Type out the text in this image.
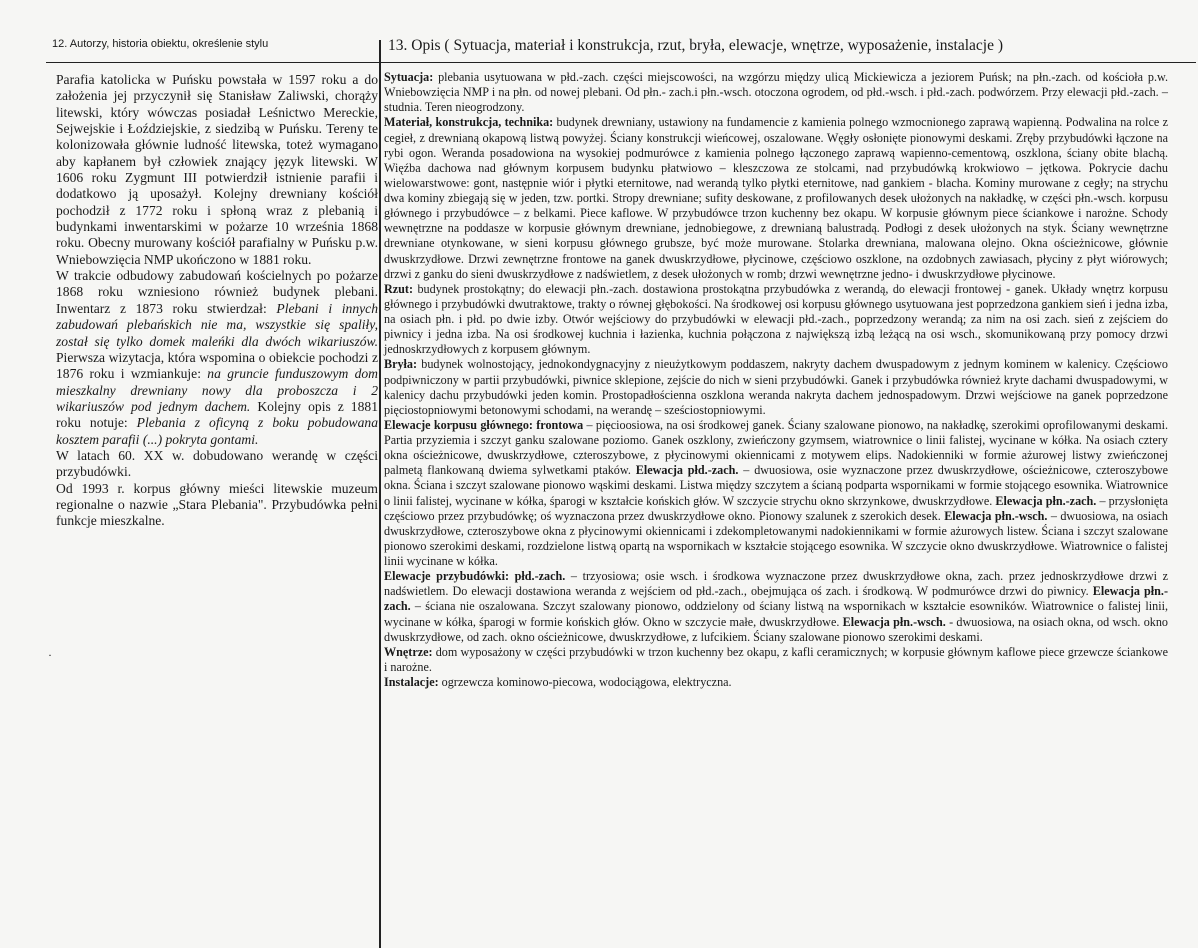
12. Autorzy, historia obiektu, określenie stylu	13. Opis ( Sytuacja, materiał i konstrukcja, rzut, bryła, elewacje, wnętrze, wyposażenie, instalacje )

Parafia katolicka w Puńsku powstała w 1597 roku a do założenia jej przyczynił się Stanisław Zaliwski, chorąży litewski, który wówczas posiadał Leśnictwo Mereckie, Sejwejskie i Łoździejskie, z siedzibą w Puńsku. Tereny te kolonizowała głównie ludność litewska, toteż wymagano aby kapłanem był człowiek znający język litewski. W 1606 roku Zygmunt III potwierdził istnienie parafii i dodatkowo ją uposażył. Kolejny drewniany kościół pochodził z 1772 roku i spłoną wraz z plebanią i budynkami inwentarskimi w pożarze 10 września 1868 roku. Obecny murowany kościół parafialny w Puńsku p.w. Wniebowzięcia NMP ukończono w 1881 roku.

W trakcie odbudowy zabudowań kościelnych po pożarze 1868 roku wzniesiono również budynek plebani. Inwentarz z 1873 roku stwierdzał: Plebani i innych zabudowań plebańskich nie ma, wszystkie się spaliły, został się tylko domek maleńki dla dwóch wikariuszów. Pierwsza wizytacja, która wspomina o obiekcie pochodzi z 1876 roku i wzmiankuje: na gruncie funduszowym dom mieszkalny drewniany nowy dla proboszcza i 2 wikariuszów pod jednym dachem. Kolejny opis z 1881 roku notuje: Plebania z oficyną z boku pobudowana kosztem parafii (...) pokryta gontami.

W latach 60. XX w. dobudowano werandę w części przybudówki.

Od 1993 r. korpus główny mieści litewskie muzeum regionalne o nazwie „Stara Plebania". Przybudówka pełni funkcje mieszkalne.

·

Sytuacja: plebania usytuowana w płd.-zach. części miejscowości, na wzgórzu między ulicą Mickiewicza a jeziorem Puńsk; na płn.-zach. od kościoła p.w. Wniebowzięcia NMP i na płn. od nowej plebani. Od płn.- zach.i płn.-wsch. otoczona ogrodem, od płd.-wsch. i płd.-zach. podwórzem. Przy elewacji płd.-zach. – studnia. Teren nieogrodzony.

Materiał, konstrukcja, technika: budynek drewniany, ustawiony na fundamencie z kamienia polnego wzmocnionego zaprawą wapienną. Podwalina na rolce z cegieł, z drewnianą okapową listwą powyżej. Ściany konstrukcji wieńcowej, oszalowane. Węgły osłonięte pionowymi deskami. Zręby przybudówki łączone na rybi ogon. Weranda posadowiona na wysokiej podmurówce z kamienia polnego łączonego zaprawą wapienno-cementową, oszklona, ściany obite blachą. Więźba dachowa nad głównym korpusem budynku płatwiowo – kleszczowa ze stolcami, nad przybudówką krokwiowo – jętkowa. Pokrycie dachu wielowarstwowe: gont, następnie wiór i płytki eternitowe, nad werandą tylko płytki eternitowe, nad gankiem - blacha. Kominy murowane z cegły; na strychu dwa kominy zbiegają się w jeden, tzw. portki. Stropy drewniane; sufity deskowane, z profilowanych desek ułożonych na nakładkę, w części płn.-wsch. korpusu głównego i przybudówce – z belkami. Piece kaflowe. W przybudówce trzon kuchenny bez okapu. W korpusie głównym piece ściankowe i narożne. Schody wewnętrzne na poddasze w korpusie głównym drewniane, jednobiegowe, z drewnianą balustradą. Podłogi z desek ułożonych na styk. Ściany wewnętrzne drewniane otynkowane, w sieni korpusu głównego grubsze, być może murowane. Stolarka drewniana, malowana olejno. Okna ościeżnicowe, głównie dwuskrzydłowe. Drzwi zewnętrzne frontowe na ganek dwuskrzydłowe, płycinowe, częściowo oszklone, na ozdobnych zawiasach, płyciny z płyt wiórowych; drzwi z ganku do sieni dwuskrzydłowe z nadświetlem, z desek ułożonych w romb; drzwi wewnętrzne jedno- i dwuskrzydłowe płycinowe.

Rzut: budynek prostokątny; do elewacji płn.-zach. dostawiona prostokątna przybudówka z werandą, do elewacji frontowej - ganek. Układy wnętrz korpusu głównego i przybudówki dwutraktowe, trakty o równej głębokości. Na środkowej osi korpusu głównego usytuowana jest poprzedzona gankiem sień i jedna izba, na osiach płn. i płd. po dwie izby. Otwór wejściowy do przybudówki w elewacji płd.-zach., poprzedzony werandą; za nim na osi zach. sień z zejściem do piwnicy i jedna izba. Na osi środkowej kuchnia i łazienka, kuchnia połączona z największą izbą leżącą na osi wsch., skomunikowaną przy pomocy drzwi jednoskrzydłowych z korpusem głównym.

Bryła: budynek wolnostojący, jednokondygnacyjny z nieużytkowym poddaszem, nakryty dachem dwuspadowym z jednym kominem w kalenicy. Częściowo podpiwniczony w partii przybudówki, piwnice sklepione, zejście do nich w sieni przybudówki. Ganek i przybudówka również kryte dachami dwuspadowymi, w kalenicy dachu przybudówki jeden komin. Prostopadłościenna oszklona weranda nakryta dachem jednospadowym. Drzwi wejściowe na ganek poprzedzone pięciostopniowymi betonowymi schodami, na werandę – sześciostopniowymi.

Elewacje korpusu głównego: frontowa – pięcioosiowa, na osi środkowej ganek. Ściany szalowane pionowo, na nakładkę, szerokimi oprofilowanymi deskami. Partia przyziemia i szczyt ganku szalowane poziomo. Ganek oszklony, zwieńczony gzymsem, wiatrownice o linii falistej, wycinane w kółka. Na osiach cztery okna ościeżnicowe, dwuskrzydłowe, czteroszybowe, z płycinowymi okiennicami z motywem elips. Nadokienniki w formie ażurowej listwy zwieńczonej palmetą flankowaną dwiema sylwetkami ptaków. Elewacja płd.-zach. – dwuosiowa, osie wyznaczone przez dwuskrzydłowe, ościeżnicowe, czteroszybowe okna. Ściana i szczyt szalowane pionowo wąskimi deskami. Listwa między szczytem a ścianą podparta wspornikami w formie stojącego esownika. Wiatrownice o linii falistej, wycinane w kółka, śparogi w kształcie końskich głów. W szczycie strychu okno skrzynkowe, dwuskrzydłowe. Elewacja płn.-zach. – przysłonięta częściowo przez przybudówkę; oś wyznaczona przez dwuskrzydłowe okno. Pionowy szalunek z szerokich desek. Elewacja płn.-wsch. – dwuosiowa, na osiach dwuskrzydłowe, czteroszybowe okna z płycinowymi okiennicami i zdekompletowanymi nadokiennikami w formie ażurowych listew. Ściana i szczyt szalowane pionowo szerokimi deskami, rozdzielone listwą opartą na wspornikach w kształcie stojącego esownika. W szczycie okno dwuskrzydłowe. Wiatrownice o falistej linii wycinane w kółka.

Elewacje przybudówki: płd.-zach. – trzyosiowa; osie wsch. i środkowa wyznaczone przez dwuskrzydłowe okna, zach. przez jednoskrzydłowe drzwi z nadświetlem. Do elewacji dostawiona weranda z wejściem od płd.-zach., obejmująca oś zach. i środkową. W podmurówce drzwi do piwnicy. Elewacja płn.-zach. – ściana nie oszalowana. Szczyt szalowany pionowo, oddzielony od ściany listwą na wspornikach w kształcie esowników. Wiatrownice o falistej linii, wycinane w kółka, śparogi w formie końskich głów. Okno w szczycie małe, dwuskrzydłowe. Elewacja płn.-wsch. - dwuosiowa, na osiach okna, od wsch. okno dwuskrzydłowe, od zach. okno ościeżnicowe, dwuskrzydłowe, z lufcikiem. Ściany szalowane pionowo szerokimi deskami.

Wnętrze: dom wyposażony w części przybudówki w trzon kuchenny bez okapu, z kafli ceramicznych; w korpusie głównym kaflowe piece grzewcze ściankowe i narożne.

Instalacje: ogrzewcza kominowo-piecowa, wodociągowa, elektryczna.
